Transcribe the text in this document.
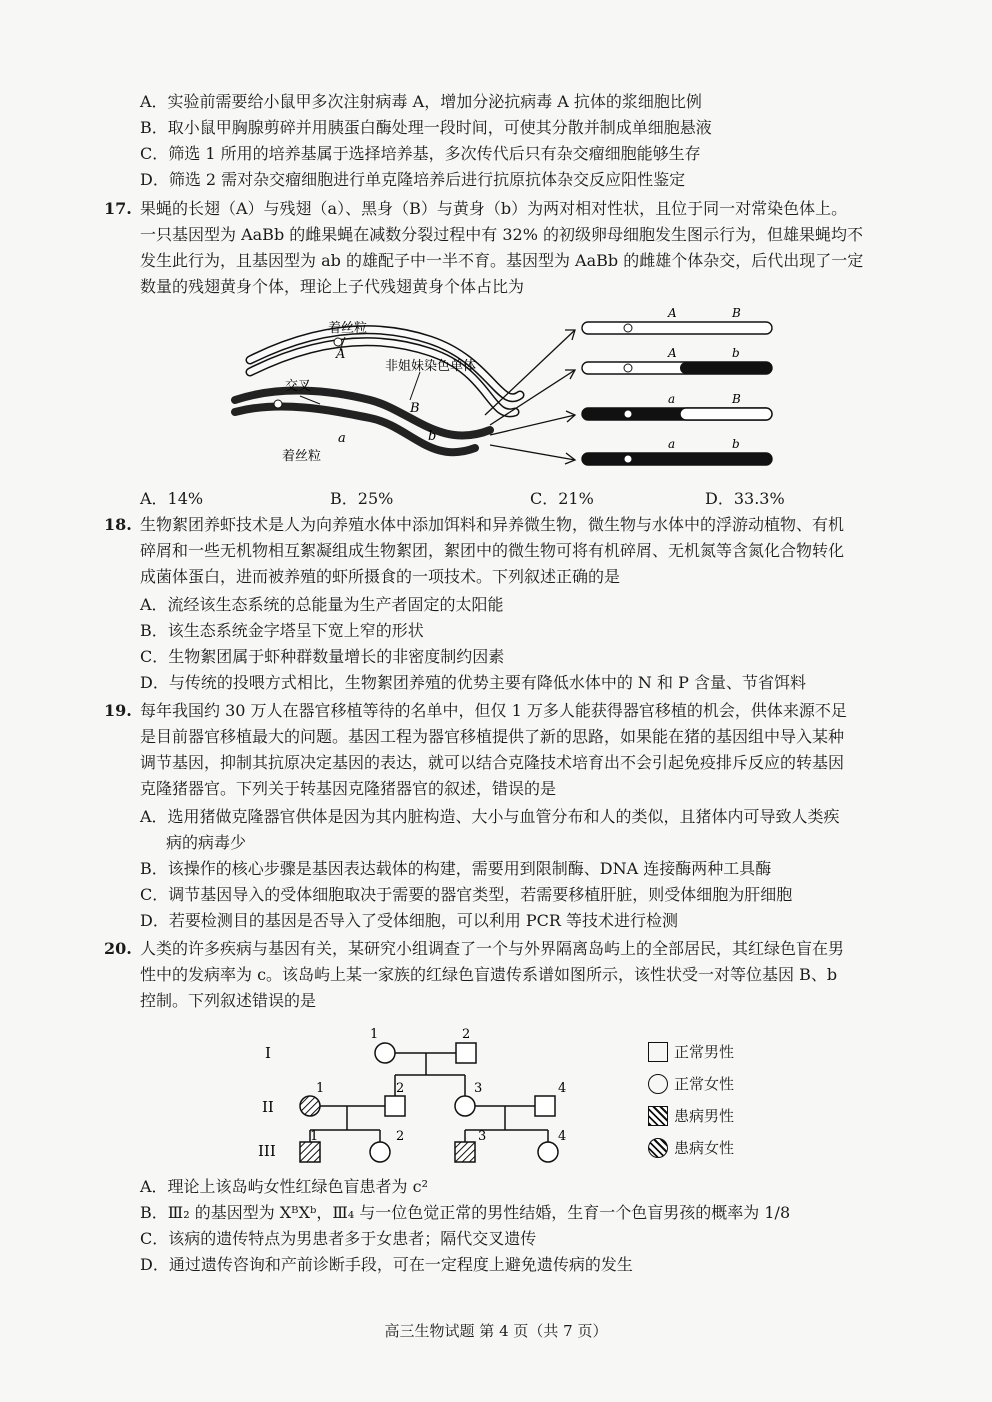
A．实验前需要给小鼠甲多次注射病毒 A，增加分泌抗病毒 A 抗体的浆细胞比例
B．取小鼠甲胸腺剪碎并用胰蛋白酶处理一段时间，可使其分散并制成单细胞悬液
C．筛选 1 所用的培养基属于选择培养基，多次传代后只有杂交瘤细胞能够生存
D．筛选 2 需对杂交瘤细胞进行单克隆培养后进行抗原抗体杂交反应阳性鉴定
17. 果蝇的长翅（A）与残翅（a）、黑身（B）与黄身（b）为两对相对性状，且位于同一对常染色体上。
一只基因型为 AaBb 的雌果蝇在减数分裂过程中有 32% 的初级卵母细胞发生图示行为，但雄果蝇均不
发生此行为，且基因型为 ab 的雄配子中一半不育。基因型为 AaBb 的雌雄个体杂交，后代出现了一定
数量的残翅黄身个体，理论上子代残翅黄身个体占比为
着丝粒
A
非姐妹染色单体
交叉
B
a	b
着丝粒
A	B
A	b
a	B
a	b
A．14%	B．25%	C．21%	D．33.3%
18. 生物絮团养虾技术是人为向养殖水体中添加饵料和异养微生物，微生物与水体中的浮游动植物、有机
碎屑和一些无机物相互絮凝组成生物絮团，絮团中的微生物可将有机碎屑、无机氮等含氮化合物转化
成菌体蛋白，进而被养殖的虾所摄食的一项技术。下列叙述正确的是
A．流经该生态系统的总能量为生产者固定的太阳能
B．该生态系统金字塔呈下宽上窄的形状
C．生物絮团属于虾种群数量增长的非密度制约因素
D．与传统的投喂方式相比，生物絮团养殖的优势主要有降低水体中的 N 和 P 含量、节省饵料
19. 每年我国约 30 万人在器官移植等待的名单中，但仅 1 万多人能获得器官移植的机会，供体来源不足
是目前器官移植最大的问题。基因工程为器官移植提供了新的思路，如果能在猪的基因组中导入某种
调节基因，抑制其抗原决定基因的表达，就可以结合克隆技术培育出不会引起免疫排斥反应的转基因
克隆猪器官。下列关于转基因克隆猪器官的叙述，错误的是
A．选用猪做克隆器官供体是因为其内脏构造、大小与血管分布和人的类似，且猪体内可导致人类疾
病的病毒少
B．该操作的核心步骤是基因表达载体的构建，需要用到限制酶、DNA 连接酶两种工具酶
C．调节基因导入的受体细胞取决于需要的器官类型，若需要移植肝脏，则受体细胞为肝细胞
D．若要检测目的基因是否导入了受体细胞，可以利用 PCR 等技术进行检测
20. 人类的许多疾病与基因有关，某研究小组调查了一个与外界隔离岛屿上的全部居民，其红绿色盲在男
性中的发病率为 c。该岛屿上某一家族的红绿色盲遗传系谱如图所示，该性状受一对等位基因 B、b
控制。下列叙述错误的是
I
II
III
1	2
1	2	3	4
1	2	3	4
正常男性
正常女性
患病男性
患病女性
A．理论上该岛屿女性红绿色盲患者为 c²
B．Ⅲ₂ 的基因型为 XᴮXᵇ，Ⅲ₄ 与一位色觉正常的男性结婚，生育一个色盲男孩的概率为 1/8
C．该病的遗传特点为男患者多于女患者；隔代交叉遗传
D．通过遗传咨询和产前诊断手段，可在一定程度上避免遗传病的发生
高三生物试题 第 4 页（共 7 页）
